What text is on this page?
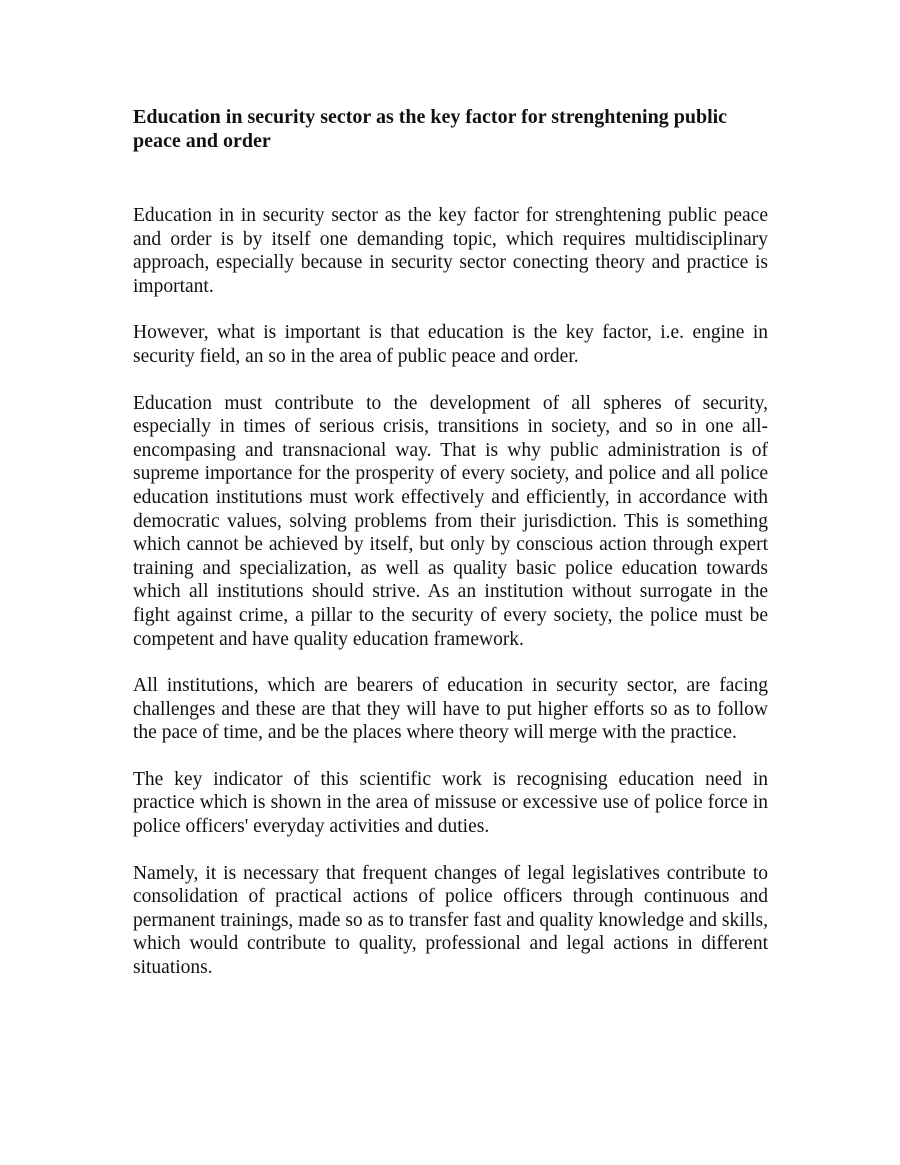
Education in security sector as the key factor for strenghtening public peace and order

Education in in security sector as the key factor for strenghtening public peace and order is by itself one demanding topic, which requires multidisciplinary approach, especially because in security sector conecting theory and practice is important.

However, what is important is that education is the key factor, i.e. engine in security field, an so in the area of public peace and order.

Education must contribute to the development of all spheres of security, especially in times of serious crisis, transitions in society, and so in one all-encompasing and transnacional way. That is why public administration is of supreme importance for the prosperity of every society, and police and all police education institutions must work effectively and efficiently, in accordance with democratic values, solving problems from their jurisdiction. This is something which cannot be achieved by itself, but only by conscious action through expert training and specialization, as well as quality basic police education towards which all institutions should strive. As an institution without surrogate in the fight against crime, a pillar to the security of every society, the police must be competent and have quality education framework.

All institutions, which are bearers of education in security sector, are facing challenges and these are that they will have to put higher efforts so as to follow the pace of time, and be the places where theory will merge with the practice.

The key indicator of this scientific work is recognising education need in practice which is shown in the area of missuse or excessive use of police force in police officers' everyday activities and duties.

Namely, it is necessary that frequent changes of legal legislatives contribute to consolidation of practical actions of police officers through continuous and permanent trainings, made so as to transfer fast and quality knowledge and skills, which would contribute to quality, professional and legal actions in different situations.
